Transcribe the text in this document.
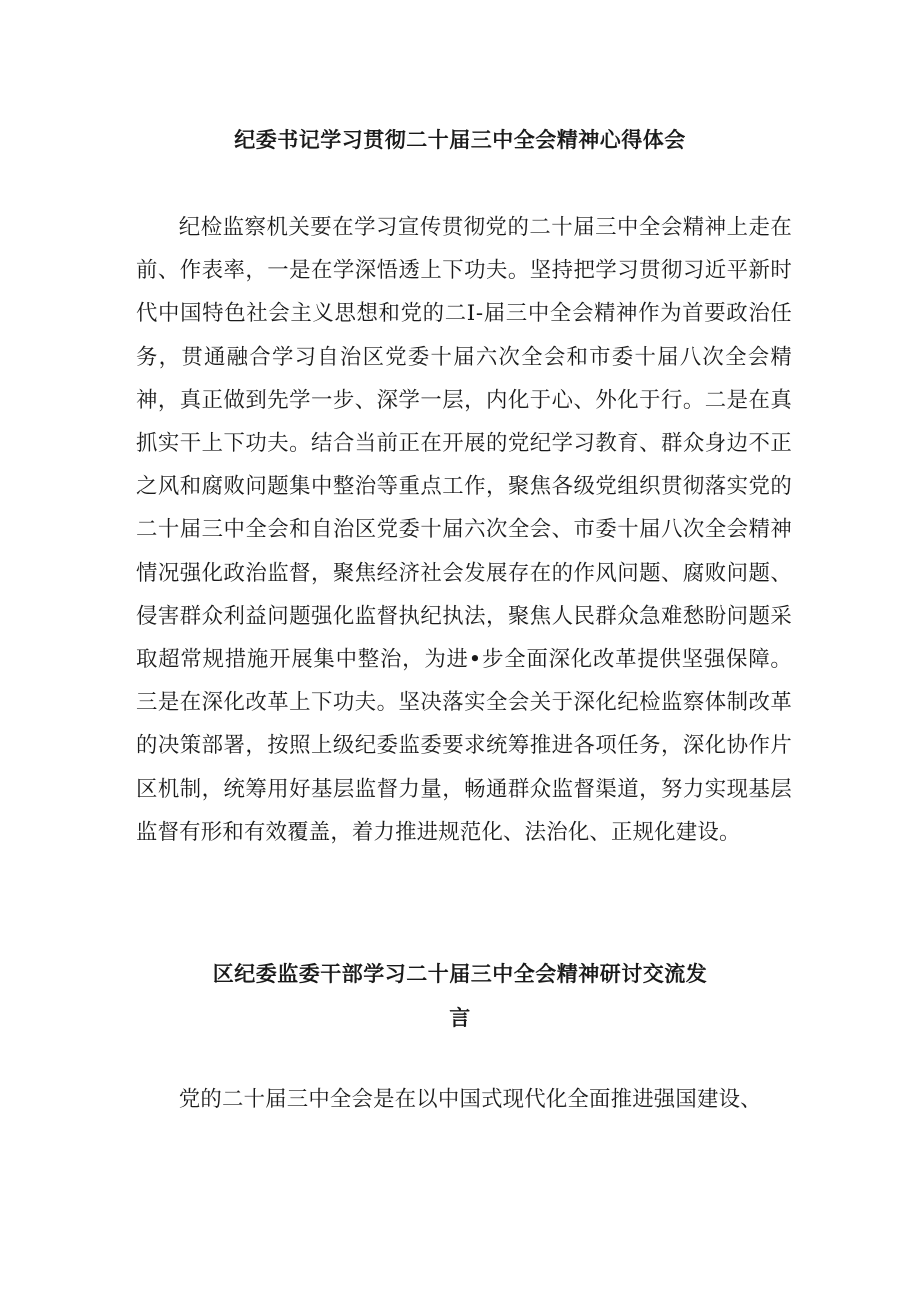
纪委书记学习贯彻二十届三中全会精神心得体会

纪检监察机关要在学习宣传贯彻党的二十届三中全会精神上走在前、作表率，一是在学深悟透上下功夫。坚持把学习贯彻习近平新时代中国特色社会主义思想和党的二Ⅰ-届三中全会精神作为首要政治任务，贯通融合学习自治区党委十届六次全会和市委十届八次全会精神，真正做到先学一步、深学一层，内化于心、外化于行。二是在真抓实干上下功夫。结合当前正在开展的党纪学习教育、群众身边不正之风和腐败问题集中整治等重点工作，聚焦各级党组织贯彻落实党的二十届三中全会和自治区党委十届六次全会、市委十届八次全会精神情况强化政治监督，聚焦经济社会发展存在的作风问题、腐败问题、侵害群众利益问题强化监督执纪执法，聚焦人民群众急难愁盼问题采取超常规措施开展集中整治，为进•步全面深化改革提供坚强保障。三是在深化改革上下功夫。坚决落实全会关于深化纪检监察体制改革的决策部署，按照上级纪委监委要求统筹推进各项任务，深化协作片区机制，统筹用好基层监督力量，畅通群众监督渠道，努力实现基层监督有形和有效覆盖，着力推进规范化、法治化、正规化建设。

区纪委监委干部学习二十届三中全会精神研讨交流发
言

党的二十届三中全会是在以中国式现代化全面推进强国建设、
